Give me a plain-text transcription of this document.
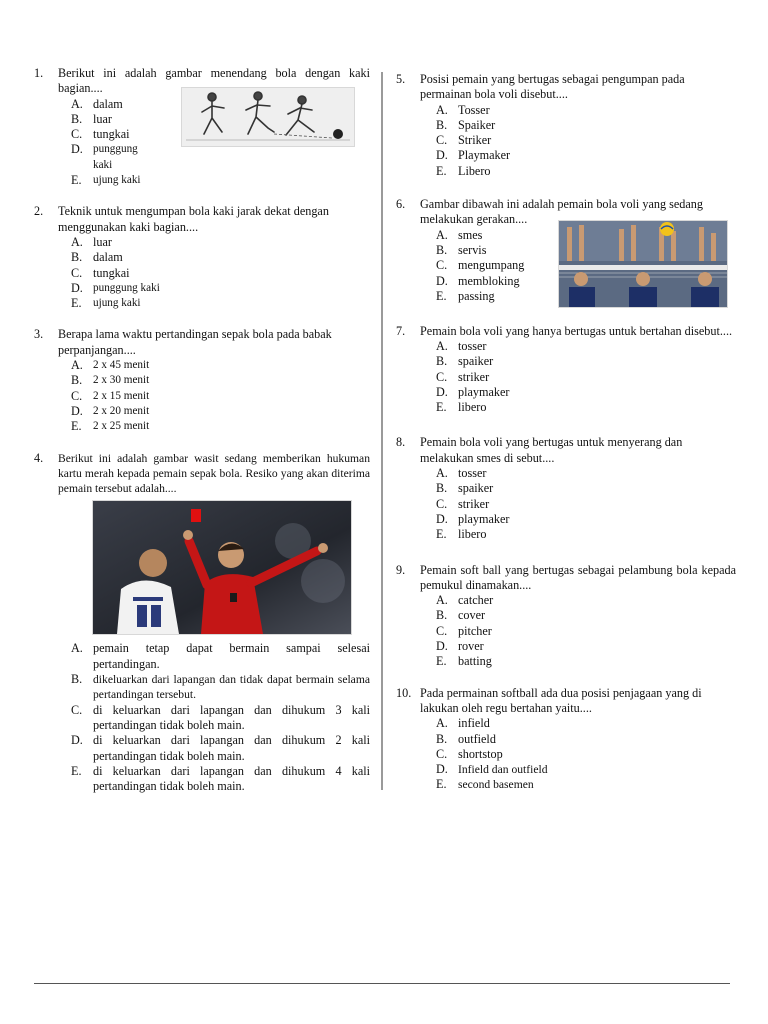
1. Berikut ini adalah gambar menendang bola dengan kaki bagian....
A. dalam
B. luar
C. tungkai
D. punggung kaki
E. ujung kaki
2. Teknik untuk mengumpan bola kaki jarak dekat dengan menggunakan kaki bagian....
A. luar
B. dalam
C. tungkai
D. punggung kaki
E. ujung kaki
3. Berapa lama waktu pertandingan sepak bola pada babak perpanjangan....
A. 2 x 45 menit
B. 2 x 30 menit
C. 2 x 15 menit
D. 2 x 20 menit
E. 2 x 25 menit
4. Berikut ini adalah gambar wasit sedang memberikan hukuman kartu merah kepada pemain sepak bola. Resiko yang akan diterima pemain tersebut adalah....
A. pemain tetap dapat bermain sampai selesai pertandingan.
B. dikeluarkan dari lapangan dan tidak dapat bermain selama pertandingan tersebut.
C. di keluarkan dari lapangan dan dihukum 3 kali pertandingan tidak boleh main.
D. di keluarkan dari lapangan dan dihukum 2 kali pertandingan tidak boleh main.
E. di keluarkan dari lapangan dan dihukum 4 kali pertandingan tidak boleh main.
5. Posisi pemain yang bertugas sebagai pengumpan pada permainan bola voli disebut....
A. Tosser
B. Spaiker
C. Striker
D. Playmaker
E. Libero
6. Gambar dibawah ini adalah pemain bola voli yang sedang melakukan gerakan....
A. smes
B. servis
C. mengumpang
D. membloking
E. passing
7. Pemain bola voli yang hanya bertugas untuk bertahan disebut....
A. tosser
B. spaiker
C. striker
D. playmaker
E. libero
8. Pemain bola voli yang bertugas untuk menyerang dan melakukan smes di sebut....
A. tosser
B. spaiker
C. striker
D. playmaker
E. libero
9. Pemain soft ball yang bertugas sebagai pelambung bola kepada pemukul dinamakan....
A. catcher
B. cover
C. pitcher
D. rover
E. batting
10. Pada permainan softball ada dua posisi penjagaan yang di lakukan oleh regu bertahan yaitu....
A. infield
B. outfield
C. shortstop
D. Infield dan outfield
E. second basemen
